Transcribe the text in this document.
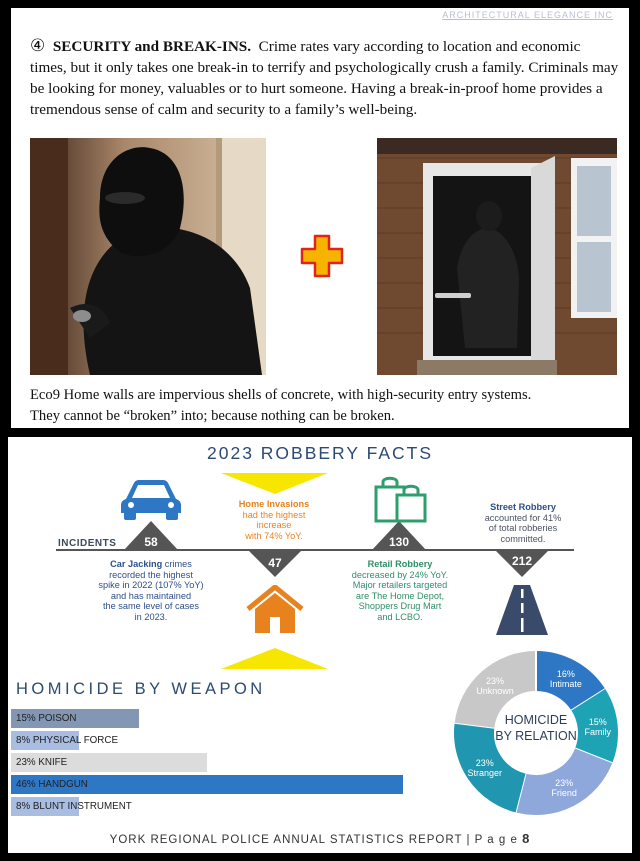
ARCHITECTURAL ELEGANCE INC
④ SECURITY and BREAK-INS. Crime rates vary according to location and economic times, but it only takes one break-in to terrify and psychologically crush a family. Criminals may be looking for money, valuables or to hurt someone. Having a break-in-proof home provides a tremendous sense of calm and security to a family’s well-being.
Eco9 Home walls are impervious shells of concrete, with high-security entry systems.
They cannot be “broken” into; because nothing can be broken.
2023 ROBBERY FACTS
INCIDENTS	58
47
130
212
Home Invasions
had the highest
increase
with 74% YoY.
Street Robbery
accounted for 41%
of total robberies
committed.
Car Jacking crimes
recorded the highest
spike in 2022 (107% YoY)
and has maintained
the same level of cases
in 2023.
Retail Robbery
decreased by 24% YoY.
Major retailers targeted
are The Home Depot,
Shoppers Drug Mart
and LCBO.
HOMICIDE BY WEAPON
15% POISON
8% PHYSICAL FORCE
23% KNIFE
46% HANDGUN
8% BLUNT INSTRUMENT
HOMICIDE
BY RELATION
16%
Intimate
15%
Family
23%
Friend
23%
Stranger
23%
Unknown
YORK REGIONAL POLICE ANNUAL STATISTICS REPORT | P a g e 8
